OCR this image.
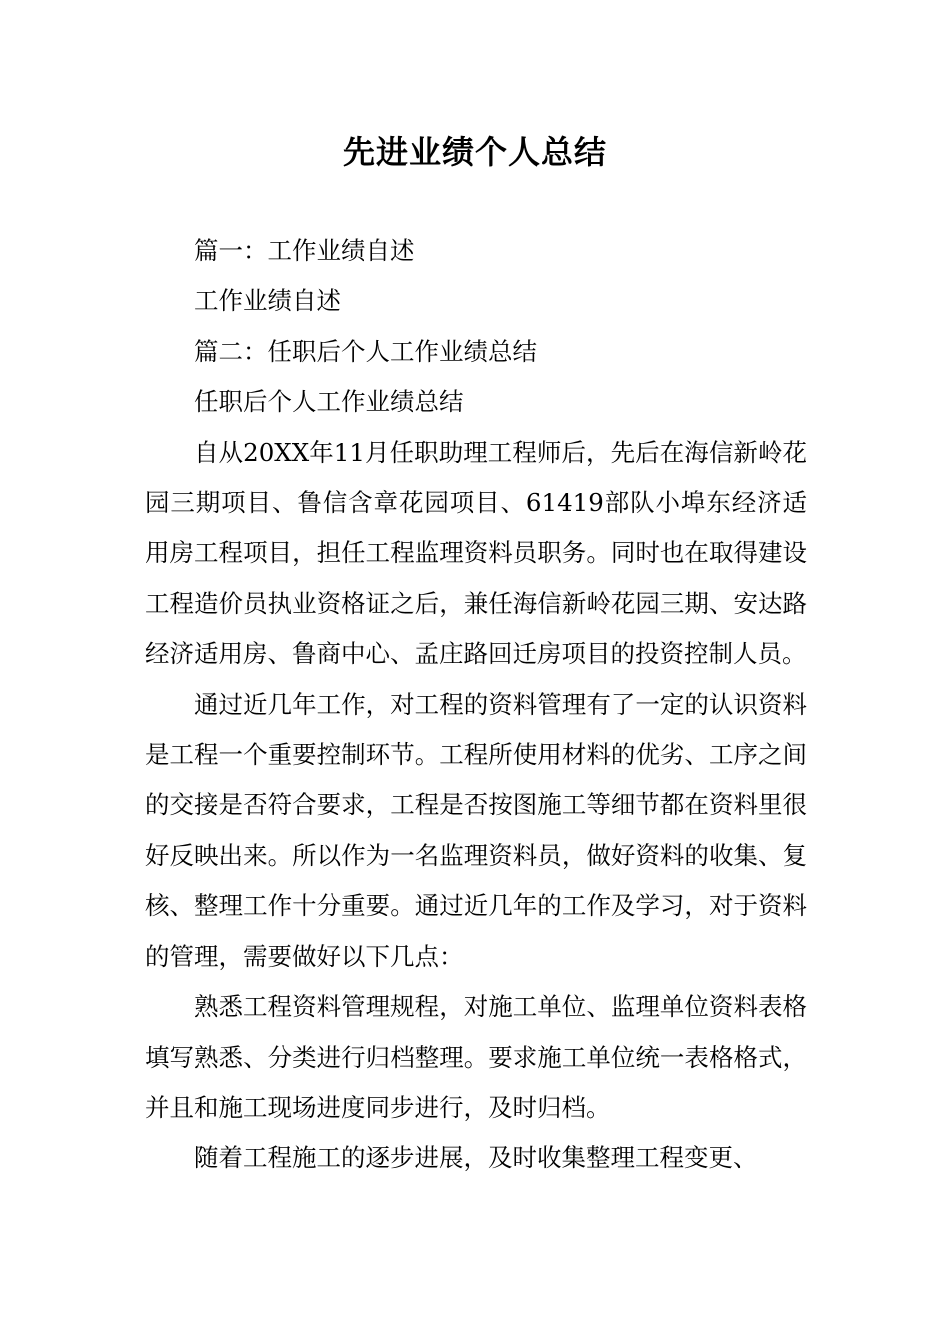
先进业绩个人总结

篇一：工作业绩自述

工作业绩自述

篇二：任职后个人工作业绩总结

任职后个人工作业绩总结

自从20XX年11月任职助理工程师后，先后在海信新岭花园三期项目、鲁信含章花园项目、61419部队小埠东经济适用房工程项目，担任工程监理资料员职务。同时也在取得建设工程造价员执业资格证之后，兼任海信新岭花园三期、安达路经济适用房、鲁商中心、孟庄路回迁房项目的投资控制人员。

通过近几年工作，对工程的资料管理有了一定的认识资料是工程一个重要控制环节。工程所使用材料的优劣、工序之间的交接是否符合要求，工程是否按图施工等细节都在资料里很好反映出来。所以作为一名监理资料员，做好资料的收集、复核、整理工作十分重要。通过近几年的工作及学习，对于资料的管理，需要做好以下几点：

熟悉工程资料管理规程，对施工单位、监理单位资料表格填写熟悉、分类进行归档整理。要求施工单位统一表格格式，并且和施工现场进度同步进行，及时归档。

随着工程施工的逐步进展，及时收集整理工程变更、
